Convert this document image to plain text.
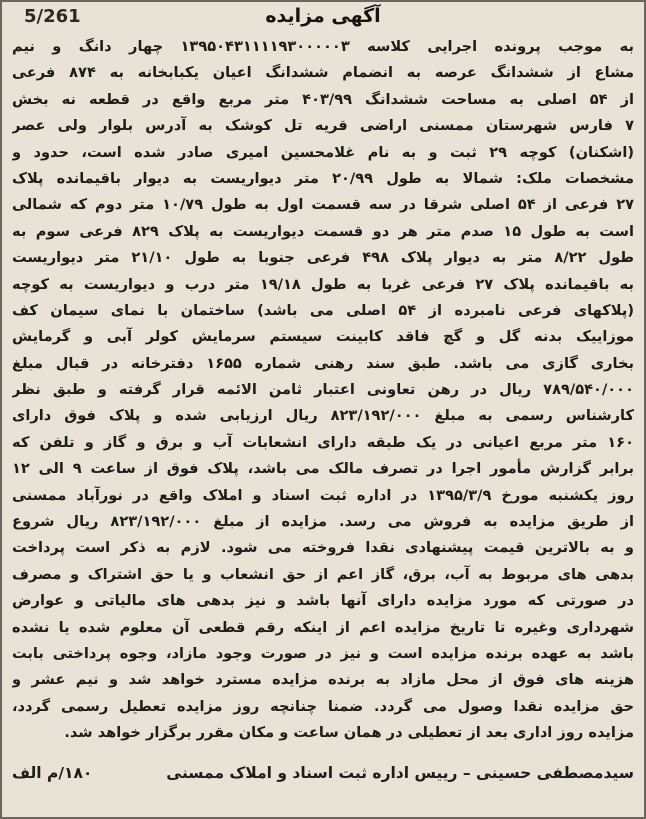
5/261	آگهی مزایده
به موجب پرونده اجرایی کلاسه ۱۳۹۵۰۴۳۱۱۱۱۹۳۰۰۰۰۰۳ چهار دانگ و نیم
مشاع از ششدانگ عرصه به انضمام ششدانگ اعیان یکبابخانه به ۸۷۴ فرعی
از ۵۴ اصلی به مساحت ششدانگ ۴۰۳/۹۹ متر مربع واقع در قطعه نه بخش
۷ فارس شهرستان ممسنی اراضی قریه تل کوشک به آدرس بلوار ولی عصر
(اشکنان) کوچه ۲۹ ثبت و به نام غلامحسین امیری صادر شده است، حدود و
مشخصات ملک: شمالا به طول ۲۰/۹۹ متر دیواریست به دیوار باقیمانده پلاک
۲۷ فرعی از ۵۴ اصلی شرقا در سه قسمت اول به طول ۱۰/۷۹ متر دوم که شمالی
است به طول ۱۵ صدم متر هر دو قسمت دیواریست به پلاک ۸۲۹ فرعی سوم به
طول ۸/۲۲ متر به دیوار پلاک ۴۹۸ فرعی جنوبا به طول ۲۱/۱۰ متر دیواریست
به باقیمانده پلاک ۲۷ فرعی غربا به طول ۱۹/۱۸ متر درب و دیواریست به کوچه
(پلاکهای فرعی نامبرده از ۵۴ اصلی می باشد) ساختمان با نمای سیمان کف
موزاییک بدنه گل و گچ فاقد کابینت سیستم سرمایش کولر آبی و گرمایش
بخاری گازی می باشد. طبق سند رهنی شماره ۱۶۵۵ دفترخانه در قبال مبلغ
۷۸۹/۵۴۰/۰۰۰ ریال در رهن تعاونی اعتبار ثامن الائمه قرار گرفته و طبق نظر
کارشناس رسمی به مبلغ ۸۲۳/۱۹۲/۰۰۰ ریال ارزیابی شده و پلاک فوق دارای
۱۶۰ متر مربع اعیانی در یک طبقه دارای انشعابات آب و برق و گاز و تلفن که
برابر گزارش مأمور اجرا در تصرف مالک می باشد، پلاک فوق از ساعت ۹ الی ۱۲
روز یکشنبه مورخ ۱۳۹۵/۳/۹ در اداره ثبت اسناد و املاک واقع در نورآباد ممسنی
از طریق مزایده به فروش می رسد. مزایده از مبلغ ۸۲۳/۱۹۲/۰۰۰ ریال شروع
و به بالاترین قیمت پیشنهادی نقدا فروخته می شود. لازم به ذکر است پرداخت
بدهی های مربوط به آب، برق، گاز اعم از حق انشعاب و یا حق اشتراک و مصرف
در صورتی که مورد مزایده دارای آنها باشد و نیز بدهی های مالیاتی و عوارض
شهرداری وغیره تا تاریخ مزایده اعم از اینکه رقم قطعی آن معلوم شده یا نشده
باشد به عهده برنده مزایده است و نیز در صورت وجود مازاد، وجوه پرداختی بابت
هزینه های فوق از محل مازاد به برنده مزایده مسترد خواهد شد و نیم عشر و
حق مزایده نقدا وصول می گردد. ضمنا چنانچه روز مزایده تعطیل رسمی گردد،
مزایده روز اداری بعد از تعطیلی در همان ساعت و مکان مقرر برگزار خواهد شد.
سیدمصطفی حسینی – رییس اداره ثبت اسناد و املاک ممسنی
۱۸۰/م الف
